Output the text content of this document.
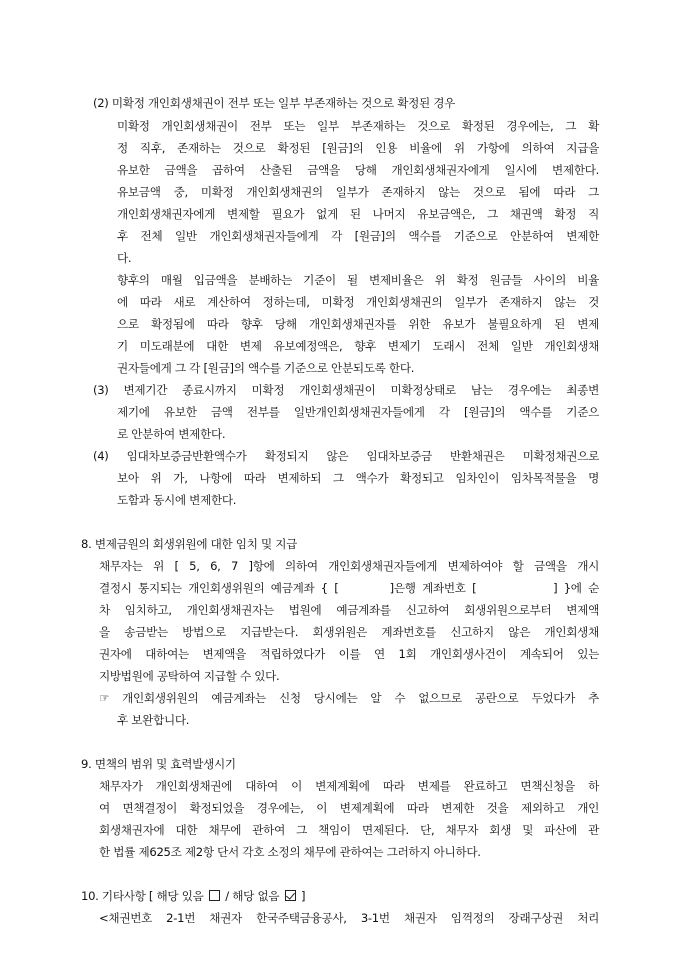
(2) 미확정 개인회생채권이 전부 또는 일부 부존재하는 것으로 확정된 경우
미확정 개인회생채권이 전부 또는 일부 부존재하는 것으로 확정된 경우에는, 그 확
정 직후, 존재하는 것으로 확정된 [원금]의 인용 비율에 위 가항에 의하여 지급을
유보한 금액을 곱하여 산출된 금액을 당해 개인회생채권자에게 일시에 변제한다.
유보금액 중, 미확정 개인회생채권의 일부가 존재하지 않는 것으로 됨에 따라 그
개인회생채권자에게 변제할 필요가 없게 된 나머지 유보금액은, 그 채권액 확정 직
후 전체 일반 개인회생채권자들에게 각 [원금]의 액수를 기준으로 안분하여 변제한
다.
향후의 매월 입금액을 분배하는 기준이 될 변제비율은 위 확정 원금들 사이의 비율
에 따라 새로 계산하여 정하는데, 미확정 개인회생채권의 일부가 존재하지 않는 것
으로 확정됨에 따라 향후 당해 개인회생채권자를 위한 유보가 불필요하게 된 변제
기 미도래분에 대한 변제 유보예정액은, 향후 변제기 도래시 전체 일반 개인회생채
권자들에게 그 각 [원금]의 액수를 기준으로 안분되도록 한다.
(3) 변제기간 종료시까지 미확정 개인회생채권이 미확정상태로 남는 경우에는 최종변
제기에 유보한 금액 전부를 일반개인회생채권자들에게 각 [원금]의 액수를 기준으
로 안분하여 변제한다.
(4) 임대차보증금반환액수가 확정되지 않은 임대차보증금 반환채권은 미확정채권으로
보아 위 가, 나항에 따라 변제하되 그 액수가 확정되고 임차인이 임차목적물을 명
도함과 동시에 변제한다.
8. 변제금원의 회생위원에 대한 임치 및 지급
채무자는 위 [ 5, 6, 7 ]항에 의하여 개인회생채권자들에게 변제하여야 할 금액을 개시
결정시 통지되는 개인회생위원의 예금계좌 { [        ]은행 계좌번호 [            ] }에 순
차 임치하고, 개인회생채권자는 법원에 예금계좌를 신고하여 회생위원으로부터 변제액
을 송금받는 방법으로 지급받는다. 회생위원은 계좌번호를 신고하지 않은 개인회생채
권자에 대하여는 변제액을 적립하였다가 이를 연 1회 개인회생사건이 계속되어 있는
지방법원에 공탁하여 지급할 수 있다.
☞ 개인회생위원의 예금계좌는 신청 당시에는 알 수 없으므로 공란으로 두었다가 추
후 보완합니다.
9. 면책의 범위 및 효력발생시기
채무자가 개인회생채권에 대하여 이 변제계획에 따라 변제를 완료하고 면책신청을 하
여 면책결정이 확정되었을 경우에는, 이 변제계획에 따라 변제한 것을 제외하고 개인
회생채권자에 대한 채무에 관하여 그 책임이 면제된다. 단, 채무자 회생 및 파산에 관
한 법률 제625조 제2항 단서 각호 소정의 채무에 관하여는 그러하지 아니하다.
10. 기타사항 [ 해당 있음 / 해당 없음 ]
<채권번호 2-1번 채권자 한국주택금융공사, 3-1번 채권자 임꺽정의 장래구상권 처리
